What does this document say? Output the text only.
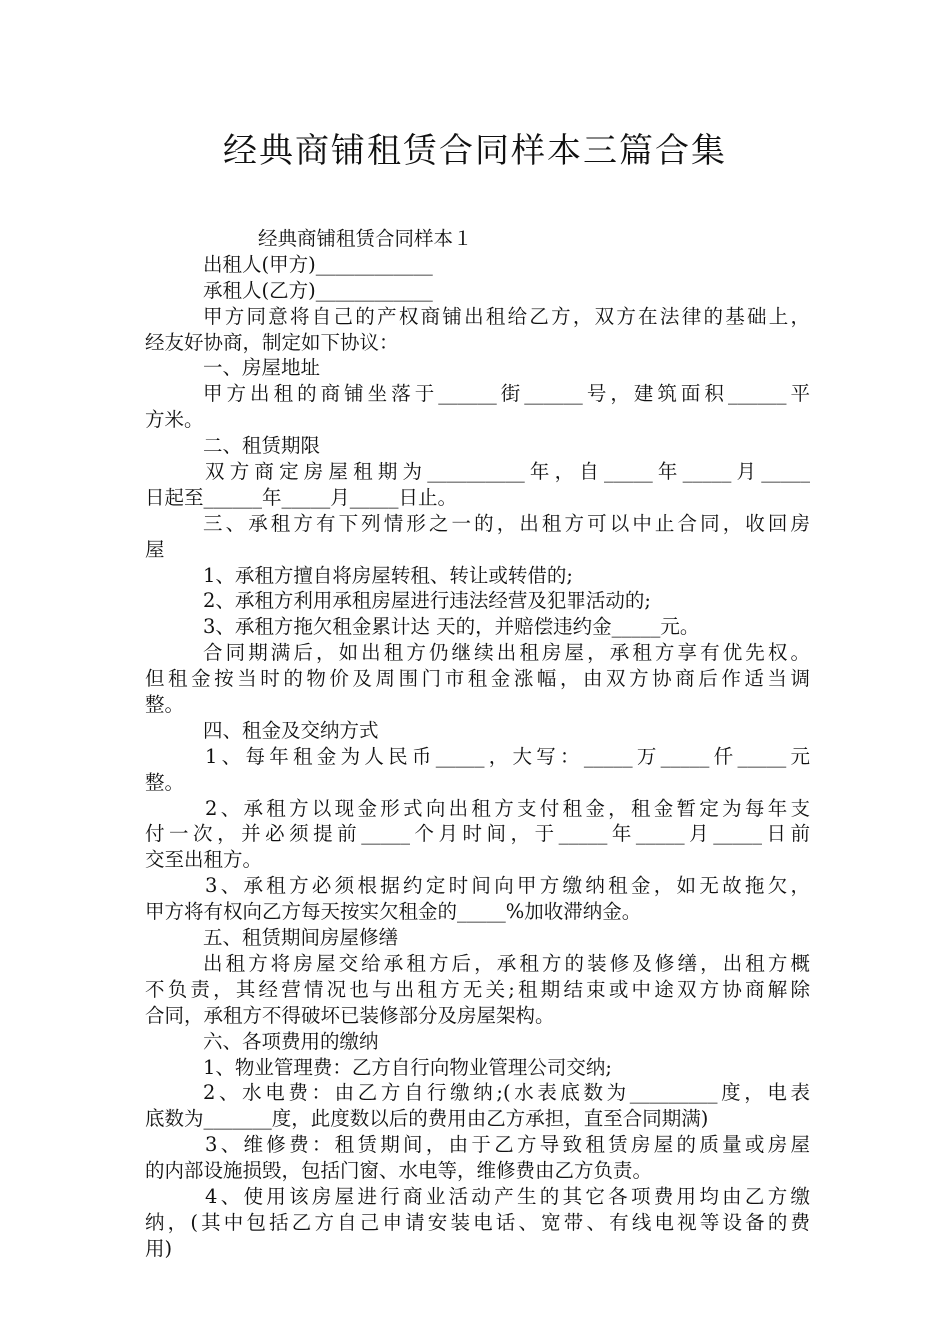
经典商铺租赁合同样本三篇合集
经典商铺租赁合同样本１
出租人(甲方)____________
承租人(乙方)____________
甲方同意将自己的产权商铺出租给乙方，双方在法律的基础上，
经友好协商，制定如下协议：
一、房屋地址
甲方出租的商铺坐落于______街______号，建筑面积______平
方米。
二、租赁期限
双方商定房屋租期为__________年，自_____年_____月_____
日起至______年_____月_____日止。
三、承租方有下列情形之一的，出租方可以中止合同，收回房
屋
1、承租方擅自将房屋转租、转让或转借的;
2、承租方利用承租房屋进行违法经营及犯罪活动的;
3、承租方拖欠租金累计达 天的，并赔偿违约金_____元。
合同期满后，如出租方仍继续出租房屋，承租方享有优先权。
但租金按当时的物价及周围门市租金涨幅，由双方协商后作适当调
整。
四、租金及交纳方式
1、每年租金为人民币_____，大写：_____万_____仟_____元
整。
2、承租方以现金形式向出租方支付租金，租金暂定为每年支
付一次，并必须提前_____个月时间，于_____年_____月_____日前
交至出租方。
3、承租方必须根据约定时间向甲方缴纳租金，如无故拖欠，
甲方将有权向乙方每天按实欠租金的_____%加收滞纳金。
五、租赁期间房屋修缮
出租方将房屋交给承租方后，承租方的装修及修缮，出租方概
不负责，其经营情况也与出租方无关;租期结束或中途双方协商解除
合同，承租方不得破坏已装修部分及房屋架构。
六、各项费用的缴纳
1、物业管理费：乙方自行向物业管理公司交纳;
2、水电费：由乙方自行缴纳;(水表底数为_________度，电表
底数为_______度，此度数以后的费用由乙方承担，直至合同期满)
3、维修费：租赁期间，由于乙方导致租赁房屋的质量或房屋
的内部设施损毁，包括门窗、水电等，维修费由乙方负责。
4、使用该房屋进行商业活动产生的其它各项费用均由乙方缴
纳，(其中包括乙方自己申请安装电话、宽带、有线电视等设备的费
用)
